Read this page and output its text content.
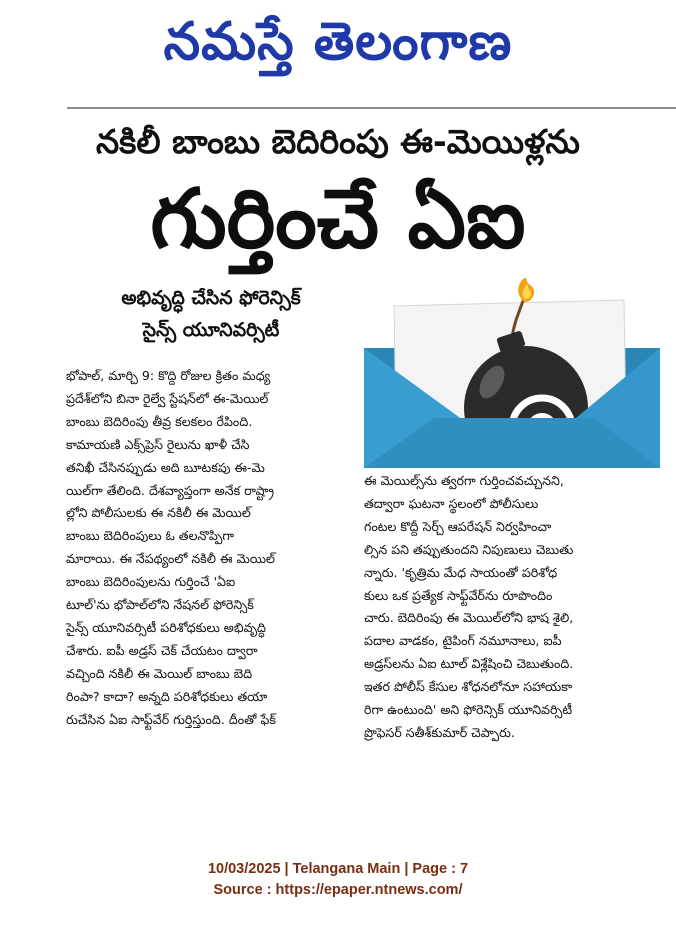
నమస్తే తెలంగాణ
నకిలీ బాంబు బెదిరింపు ఈ-మెయిళ్లను
గుర్తించే ఏఐ
అభివృద్ధి చేసిన ఫోరెన్సిక్
సైన్స్ యూనివర్సిటీ
భోపాల్, మార్చి 9: కొద్ది రోజుల క్రితం మధ్య
ప్రదేశ్‌లోని బినా రైల్వే స్టేషన్‌లో ఈ-మెయిల్
బాంబు బెదిరింపు తీవ్ర కలకలం రేపింది.
కామాయణి ఎక్స్‌ప్రెస్ రైలును ఖాళీ చేసి
తనిఖీ చేసినప్పుడు అది బూటకపు ఈ-మె
యిల్‌గా తేలింది. దేశవ్యాప్తంగా అనేక రాష్ట్రా
ల్లోని పోలీసులకు ఈ నకిలీ ఈ మెయిల్
బాంబు బెదిరింపులు ఓ తలనొప్పిగా
మారాయి. ఈ నేపథ్యంలో నకిలీ ఈ మెయిల్
బాంబు బెదిరింపులను గుర్తించే 'ఏఐ
టూల్'ను భోపాల్‌లోని నేషనల్ ఫోరెన్సిక్
సైన్స్ యూనివర్సిటీ పరిశోధకులు అభివృద్ధి
చేశారు. ఐపీ అడ్రస్ చెక్ చేయటం ద్వారా
వచ్చింది నకిలీ ఈ మెయిల్ బాంబు బెది
రింపా? కాదా? అన్నది పరిశోధకులు తయా
రుచేసిన ఏఐ సాఫ్ట్‌వేర్ గుర్తిస్తుంది. దీంతో ఫేక్
ఈ మెయిల్స్‌ను త్వరగా గుర్తించవచ్చునని,
తద్వారా ఘటనా స్థలంలో పోలీసులు
గంటల కొద్దీ సెర్చ్ ఆపరేషన్ నిర్వహించా
ల్సిన పని తప్పుతుందని నిపుణులు చెబుతు
న్నారు. 'కృత్రిమ మేధ సాయంతో పరిశోధ
కులు ఒక ప్రత్యేక సాఫ్ట్‌వేర్‌ను రూపొందిం
చారు. బెదిరింపు ఈ మెయిల్‌లోని భాష శైలి,
పదాల వాడకం, టైపింగ్ నమూనాలు, ఐపీ
అడ్రస్‌లను ఏఐ టూల్ విశ్లేషించి చెబుతుంది.
ఇతర పోలీస్ కేసుల శోధనలోనూ సహాయకా
రిగా ఉంటుంది' అని ఫోరెన్సిక్ యూనివర్సిటీ
ప్రొఫెసర్ సతీశ్‌కుమార్ చెప్పారు.
10/03/2025 | Telangana Main | Page : 7
Source : https://epaper.ntnews.com/
